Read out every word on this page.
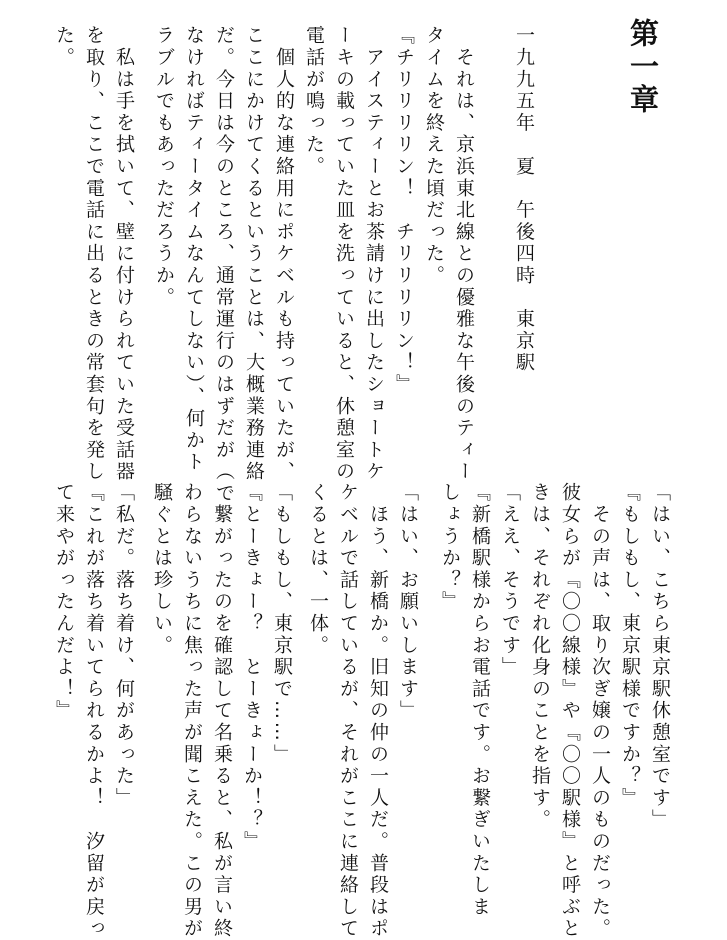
第一章
一九九五年　夏　午後四時　東京駅
　それは、京浜東北線との優雅な午後のティー
タイムを終えた頃だった。
『チリリリリン！　チリリリリン！』
　アイスティーとお茶請けに出したショートケ
ーキの載っていた皿を洗っていると、休憩室の
電話が鳴った。
　個人的な連絡用にポケベルも持っていたが、
ここにかけてくるということは、大概業務連絡
だ。今日は今のところ、通常運行のはずだが（で
なければティータイムなんてしない）、何かト
ラブルでもあっただろうか。
　私は手を拭いて、壁に付けられていた受話器
を取り、ここで電話に出るときの常套句を発し
た。
「はい、こちら東京駅休憩室です」
『もしもし、東京駅様ですか？』
　その声は、取り次ぎ嬢の一人のものだった。
彼女らが『〇〇線様』や『〇〇駅様』と呼ぶと
きは、それぞれ化身のことを指す。
「ええ、そうです」
『新橋駅様からお電話です。お繋ぎいたしま
しょうか？』
「はい、お願いします」
　ほう、新橋か。旧知の仲の一人だ。普段はポ
ケベルで話しているが、それがここに連絡して
くるとは、一体。
「もしもし、東京駅で……」
『とーきょー？　とーきょーか！？』
　繋がったのを確認して名乗ると、私が言い終
わらないうちに焦った声が聞こえた。この男が
騒ぐとは珍しい。
「私だ。落ち着け、何があった」
『これが落ち着いてられるかよ！　汐留が戻っ
て来やがったんだよ！』
